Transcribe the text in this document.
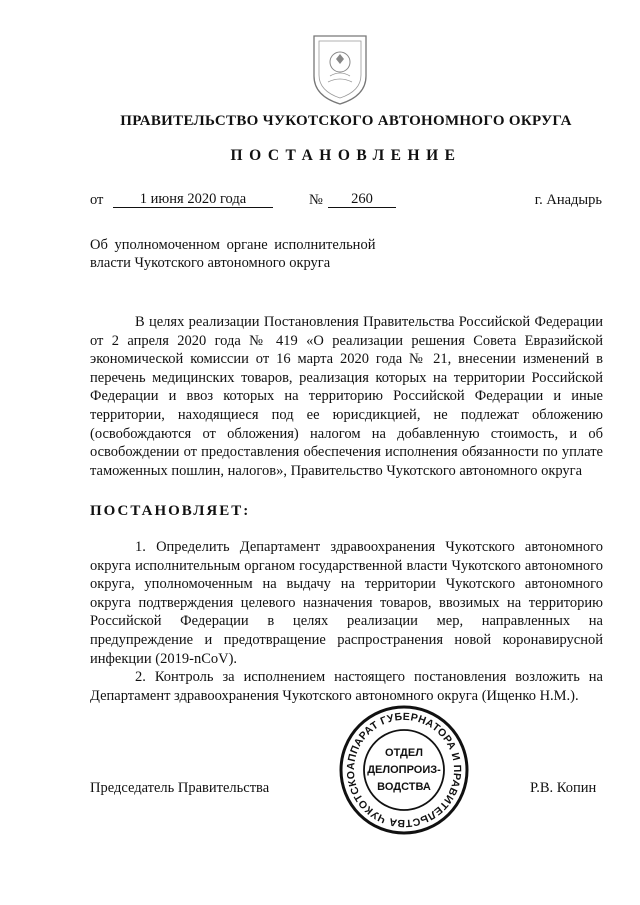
ПРАВИТЕЛЬСТВО ЧУКОТСКОГО АВТОНОМНОГО ОКРУГА
ПОСТАНОВЛЕНИЕ
от	1 июня 2020 года	№	260	г. Анадырь
Об уполномоченном органе исполнительной
власти Чукотского автономного округа

В целях реализации Постановления Правительства Российской Федерации от 2 апреля 2020 года № 419 «О реализации решения Совета Евразийской экономической комиссии от 16 марта 2020 года № 21, внесении изменений в перечень медицинских товаров, реализация которых на территории Российской Федерации и ввоз которых на территорию Российской Федерации и иные территории, находящиеся под ее юрисдикцией, не подлежат обложению (освобождаются от обложения) налогом на добавленную стоимость, и об освобождении от предоставления обеспечения исполнения обязанности по уплате таможенных пошлин, налогов», Правительство Чукотского автономного округа

ПОСТАНОВЛЯЕТ:

1. Определить Департамент здравоохранения Чукотского автономного округа исполнительным органом государственной власти Чукотского автономного округа, уполномоченным на выдачу на территории Чукотского автономного округа подтверждения целевого назначения товаров, ввозимых на территорию Российской Федерации в целях реализации мер, направленных на предупреждение и предотвращение распространения новой коронавирусной инфекции (2019-nCoV).

2. Контроль за исполнением настоящего постановления возложить на Департамент здравоохранения Чукотского автономного округа (Ищенко Н.М.).

АППАРАТ ГУБЕРНАТОРА И ПРАВИТЕЛЬСТВА ЧУКОТСКО
ОТДЕЛ
ДЕЛОПРОИЗ-
ВОДСТВА
Председатель Правительства	Р.В. Копин
